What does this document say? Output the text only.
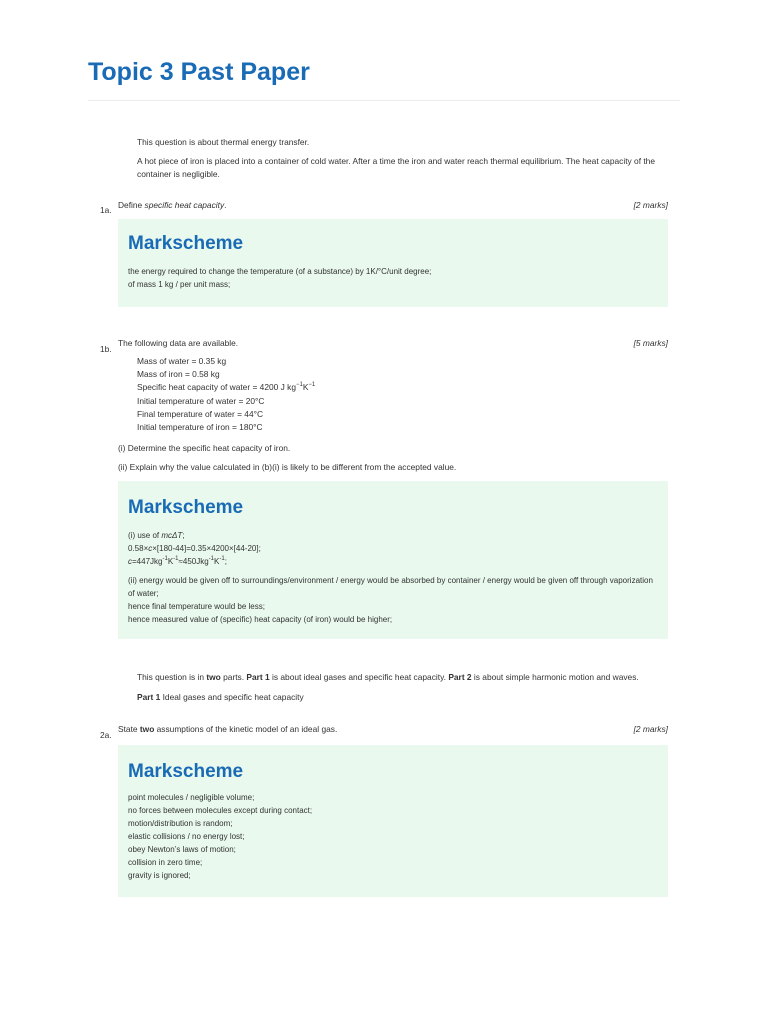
Topic 3 Past Paper
This question is about thermal energy transfer.
A hot piece of iron is placed into a container of cold water. After a time the iron and water reach thermal equilibrium. The heat capacity of the container is negligible.
1a. Define specific heat capacity.	[2 marks]
Markscheme
the energy required to change the temperature (of a substance) by 1K/°C/unit degree;
of mass 1 kg / per unit mass;
1b.
The following data are available.	[5 marks]
Mass of water = 0.35 kg
Mass of iron = 0.58 kg
Specific heat capacity of water = 4200 J $kg^{-1}K^{-1}$
Initial temperature of water = 20°C
Final temperature of water = 44°C
Initial temperature of iron = 180°C
(i) Determine the specific heat capacity of iron.
(ii) Explain why the value calculated in (b)(i) is likely to be different from the accepted value.
Markscheme
(i) use of mcΔT;
0.58×c×[180-44]=0.35×4200×[44-20];
$c=447Jkg^{-1}K^{-1}\approx 450Jkg^{-1}K^{-1}$;
(ii) energy would be given off to surroundings/environment / energy would be absorbed by container / energy would be given off through vaporization of water;
hence final temperature would be less;
hence measured value of (specific) heat capacity (of iron) would be higher;
This question is in two parts. Part 1 is about ideal gases and specific heat capacity. Part 2 is about simple harmonic motion and waves.
Part 1 Ideal gases and specific heat capacity
2a.
State two assumptions of the kinetic model of an ideal gas.	[2 marks]
Markscheme
point molecules / negligible volume;
no forces between molecules except during contact;
motion/distribution is random;
elastic collisions / no energy lost;
obey Newton’s laws of motion;
collision in zero time;
gravity is ignored;
